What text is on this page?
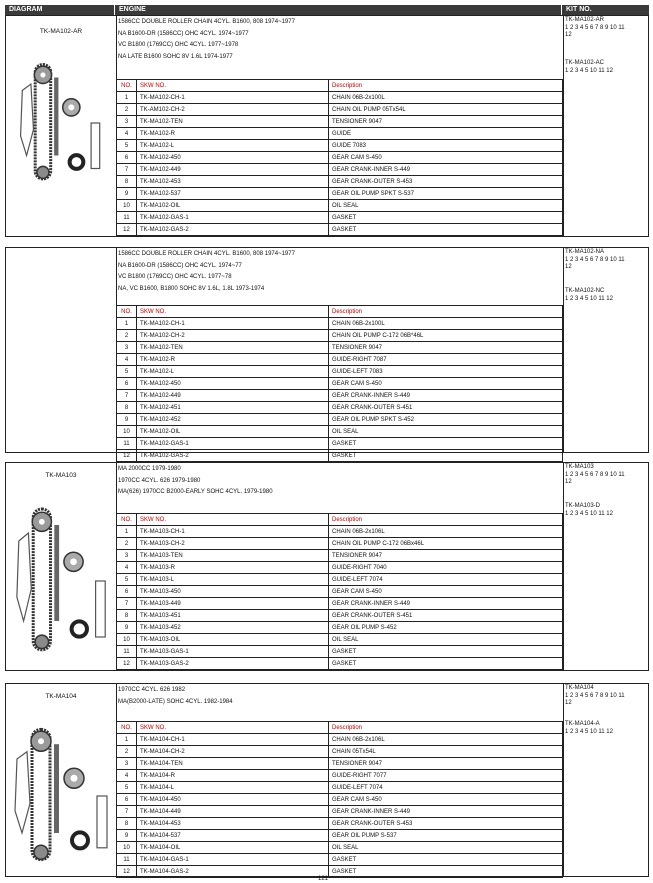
DIAGRAM	ENGINE	KIT NO.
TK-MA102-AR
1586CC DOUBLE ROLLER CHAIN 4CYL. B1600, 808 1974~1977
NA B1600-DR (1586CC) OHC 4CYL. 1974~1977
VC B1800 (1769CC) OHC 4CYL. 1977~1978
NA LATE B1600 SOHC 8V 1.6L 1974-1977
NO.	SKW NO.	Description
1	TK-MA102-CH-1	CHAIN 06B-2x100L
2	TK-AM102-CH-2	CHAIN OIL PUMP 05Tx54L
3	TK-MA102-TEN	TENSIONER 9047
4	TK-MA102-R	GUIDE
5	TK-MA102-L	GUIDE 7083
6	TK-MA102-450	GEAR CAM S-450
7	TK-MA102-449	GEAR CRANK-INNER S-449
8	TK-MA102-453	GEAR CRANK-OUTER S-453
9	TK-MA102-537	GEAR OIL PUMP SPKT S-537
10	TK-MA102-OIL	OIL SEAL
11	TK-MA102-GAS-1	GASKET
12	TK-MA102-GAS-2	GASKET
TK-MA102-AR
1 2 3 4 5 6 7 8 9 10 11
12
TK-MA102-AC
1 2 3 4 5 10 11 12
1586CC DOUBLE ROLLER CHAIN 4CYL. B1600, 808 1974~1977
NA B1600-DR (1586CC) OHC 4CYL. 1974~77
VC B1800 (1769CC) OHC 4CYL. 1977~78
NA, VC B1600, B1800 SOHC 8V 1.6L, 1.8L 1973-1974
NO.	SKW NO.	Description
1	TK-MA102-CH-1	CHAIN 06B-2x100L
2	TK-MA102-CH-2	CHAIN OIL PUMP C-172 06B*46L
3	TK-MA102-TEN	TENSIONER 9047
4	TK-MA102-R	GUIDE-RIGHT 7087
5	TK-MA102-L	GUIDE-LEFT 7083
6	TK-MA102-450	GEAR CAM S-450
7	TK-MA102-449	GEAR CRANK-INNER S-449
8	TK-MA102-451	GEAR CRANK-OUTER S-451
9	TK-MA102-452	GEAR OIL PUMP SPKT S-452
10	TK-MA102-OIL	OIL SEAL
11	TK-MA102-GAS-1	GASKET
12	TK-MA102-GAS-2	GASKET
TK-MA102-NA
1 2 3 4 5 6 7 8 9 10 11
12
TK-MA102-NC
1 2 3 4 5 10 11 12
TK-MA103
MA 2000CC 1979-1980
1970CC 4CYL. 626 1979-1980
MA(626) 1970CC B2000-EARLY SOHC 4CYL. 1979-1980
NO.	SKW NO.	Description
1	TK-MA103-CH-1	CHAIN 06B-2x106L
2	TK-MA103-CH-2	CHAIN OIL PUMP C-172 06Bx46L
3	TK-MA103-TEN	TENSIONER 9047
4	TK-MA103-R	GUIDE-RIGHT 7040
5	TK-MA103-L	GUIDE-LEFT 7074
6	TK-MA103-450	GEAR CAM S-450
7	TK-MA103-449	GEAR CRANK-INNER S-449
8	TK-MA103-451	GEAR CRANK-OUTER S-451
9	TK-MA103-452	GEAR OIL PUMP S-452
10	TK-MA103-OIL	OIL SEAL
11	TK-MA103-GAS-1	GASKET
12	TK-MA103-GAS-2	GASKET
TK-MA103
1 2 3 4 5 6 7 8 9 10 11
12
TK-MA103-D
1 2 3 4 5 10 11 12
TK-MA104
1970CC 4CYL. 626 1982
MA(B2000-LATE) SOHC 4CYL. 1982-1984
NO.	SKW NO.	Description
1	TK-MA104-CH-1	CHAIN 06B-2x106L
2	TK-MA104-CH-2	CHAIN 05Tx54L
3	TK-MA104-TEN	TENSIONER 9047
4	TK-MA104-R	GUIDE-RIGHT 7077
5	TK-MA104-L	GUIDE-LEFT 7074
6	TK-MA104-450	GEAR CAM S-450
7	TK-MA104-449	GEAR CRANK-INNER S-449
8	TK-MA104-453	GEAR CRANK-OUTER S-453
9	TK-MA104-537	GEAR OIL PUMP S-537
10	TK-MA104-OIL	OIL SEAL
11	TK-MA104-GAS-1	GASKET
12	TK-MA104-GAS-2	GASKET
TK-MA104
1 2 3 4 5 6 7 8 9 10 11
12
TK-MA104-A
1 2 3 4 5 10 11 12
121
